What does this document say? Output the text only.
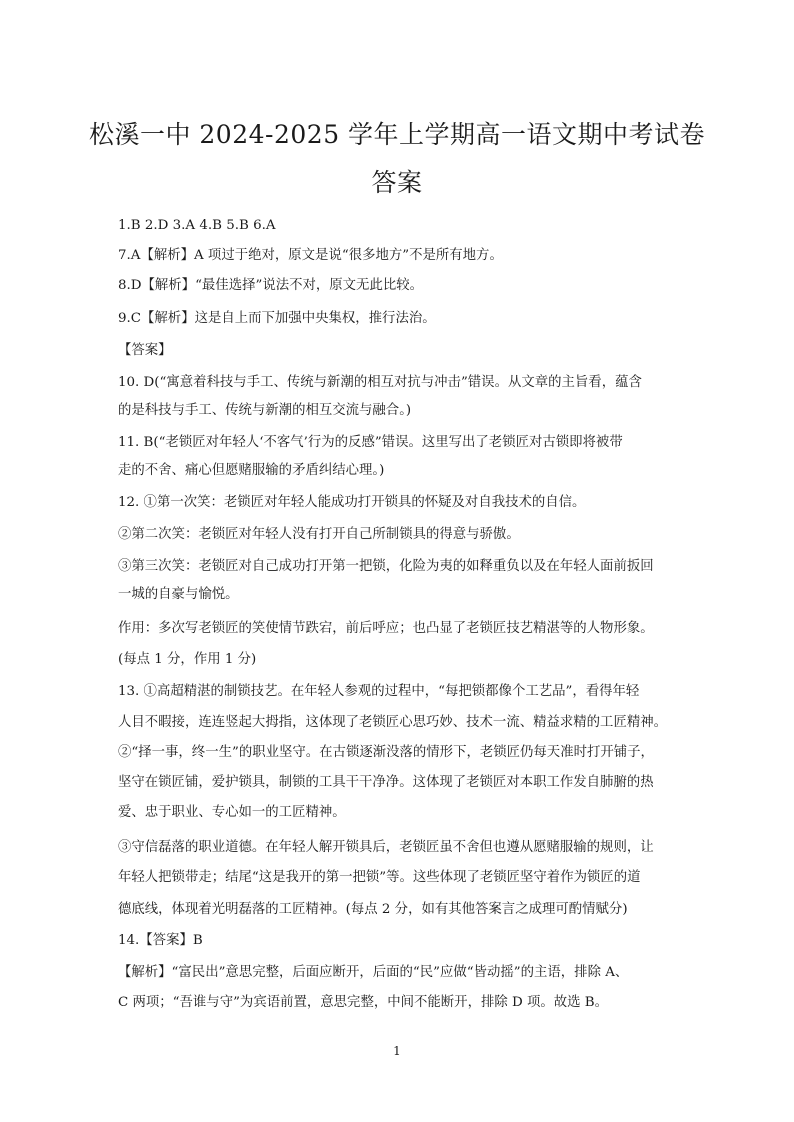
松溪一中 2024-2025 学年上学期高一语文期中考试卷
答案
1.B 2.D 3.A 4.B 5.B 6.A
7.A【解析】A 项过于绝对，原文是说“很多地方”不是所有地方。
8.D【解析】“最佳选择”说法不对，原文无此比较。
9.C【解析】这是自上而下加强中央集权，推行法治。
【答案】
10. D(“寓意着科技与手工、传统与新潮的相互对抗与冲击”错误。从文章的主旨看，蕴含
的是科技与手工、传统与新潮的相互交流与融合。)
11. B(“老锁匠对年轻人‘不客气’行为的反感”错误。这里写出了老锁匠对古锁即将被带
走的不舍、痛心但愿赌服输的矛盾纠结心理。)
12. ①第一次笑：老锁匠对年轻人能成功打开锁具的怀疑及对自我技术的自信。
②第二次笑：老锁匠对年轻人没有打开自己所制锁具的得意与骄傲。
③第三次笑：老锁匠对自己成功打开第一把锁，化险为夷的如释重负以及在年轻人面前扳回
一城的自豪与愉悦。
作用：多次写老锁匠的笑使情节跌宕，前后呼应；也凸显了老锁匠技艺精湛等的人物形象。
(每点 1 分，作用 1 分)
13. ①高超精湛的制锁技艺。在年轻人参观的过程中，“每把锁都像个工艺品”，看得年轻
人目不暇接，连连竖起大拇指，这体现了老锁匠心思巧妙、技术一流、精益求精的工匠精神。
②“择一事，终一生”的职业坚守。在古锁逐渐没落的情形下，老锁匠仍每天准时打开铺子，
坚守在锁匠铺，爱护锁具，制锁的工具干干净净。这体现了老锁匠对本职工作发自肺腑的热
爱、忠于职业、专心如一的工匠精神。
③守信磊落的职业道德。在年轻人解开锁具后，老锁匠虽不舍但也遵从愿赌服输的规则，让
年轻人把锁带走；结尾“这是我开的第一把锁”等。这些体现了老锁匠坚守着作为锁匠的道
德底线，体现着光明磊落的工匠精神。(每点 2 分，如有其他答案言之成理可酌情赋分)
14.【答案】B
【解析】“富民出”意思完整，后面应断开，后面的“民”应做“皆动摇”的主语，排除 A、
C 两项；“吾谁与守”为宾语前置，意思完整，中间不能断开，排除 D 项。故选 B。
1
